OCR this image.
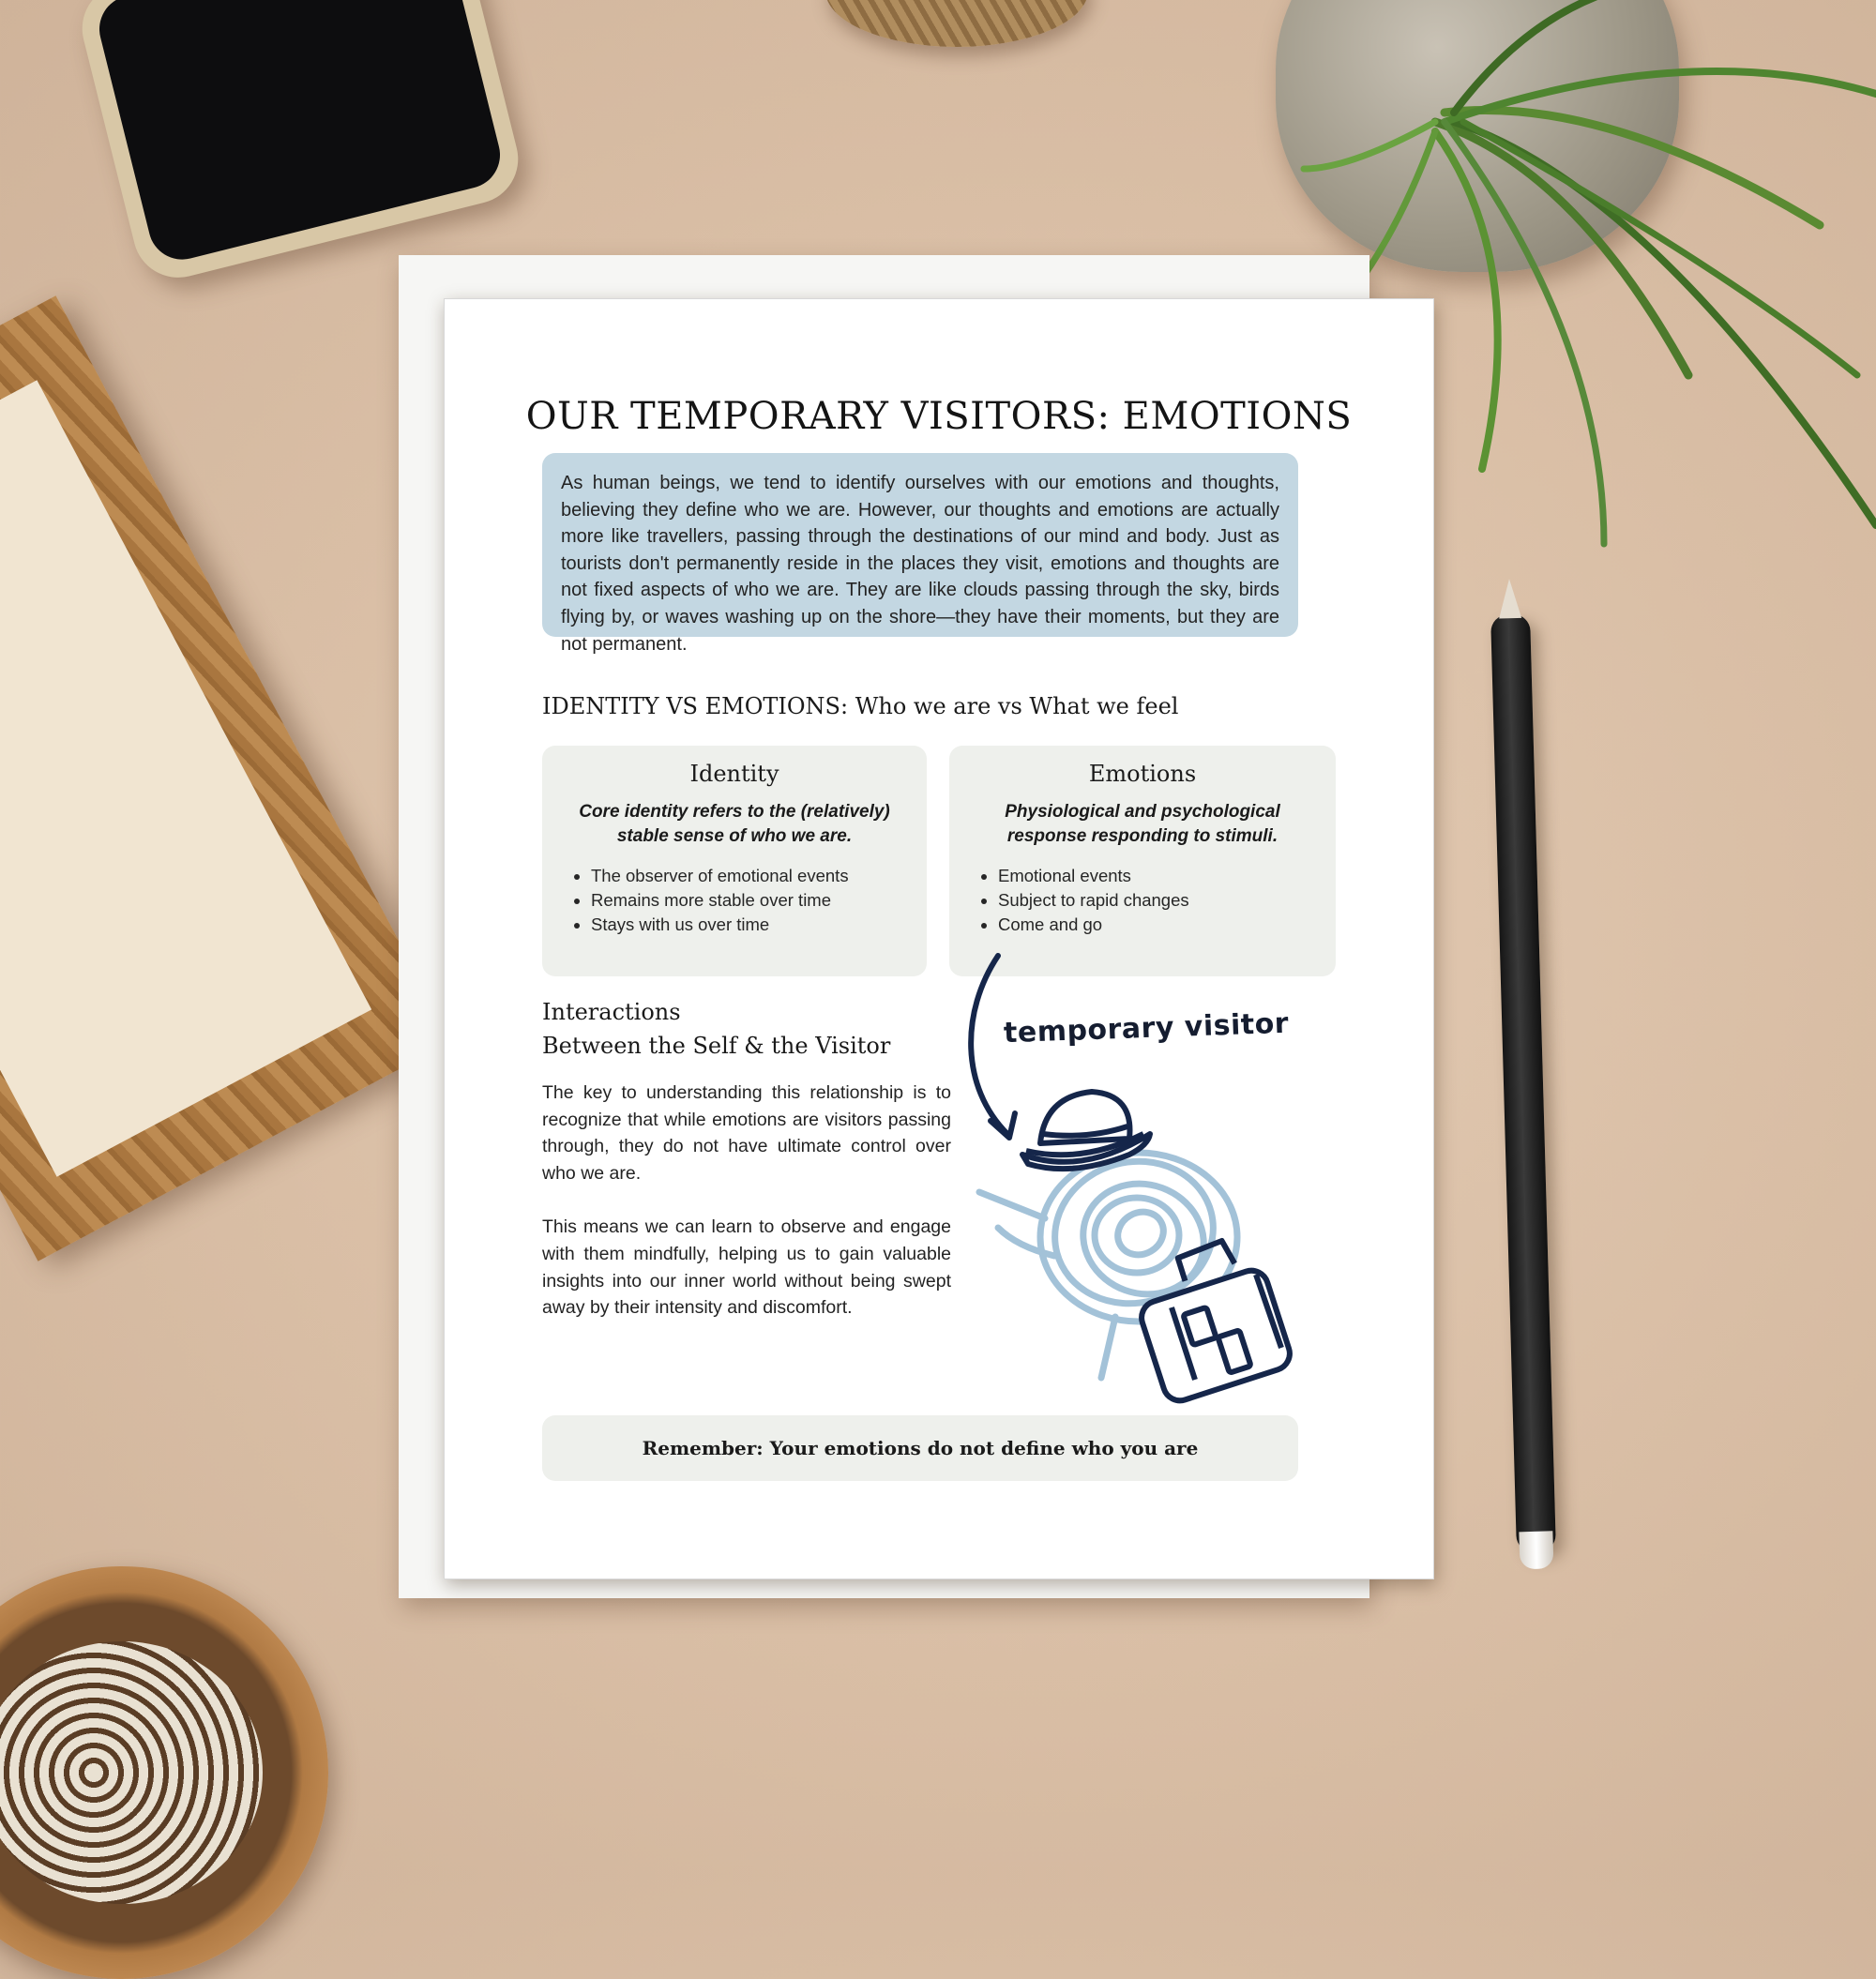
OUR TEMPORARY VISITORS: EMOTIONS

As human beings, we tend to identify ourselves with our emotions and thoughts, believing they define who we are. However, our thoughts and emotions are actually more like travellers, passing through the destinations of our mind and body. Just as tourists don't permanently reside in the places they visit, emotions and thoughts are not fixed aspects of who we are. They are like clouds passing through the sky, birds flying by, or waves washing up on the shore—they have their moments, but they are not permanent.

IDENTITY VS EMOTIONS: Who we are vs What we feel
Identity

Core identity refers to the (relatively) stable sense of who we are.

• The observer of emotional events
• Remains more stable over time
• Stays with us over time
Emotions

Physiological and psychological response responding to stimuli.

• Emotional events
• Subject to rapid changes
• Come and go
Interactions
Between the Self & the Visitor

The key to understanding this relationship is to recognize that while emotions are visitors passing through, they do not have ultimate control over who we are.

This means we can learn to observe and engage with them mindfully, helping us to gain valuable insights into our inner world without being swept away by their intensity and discomfort.

temporary visitor
Remember: Your emotions do not define who you are
